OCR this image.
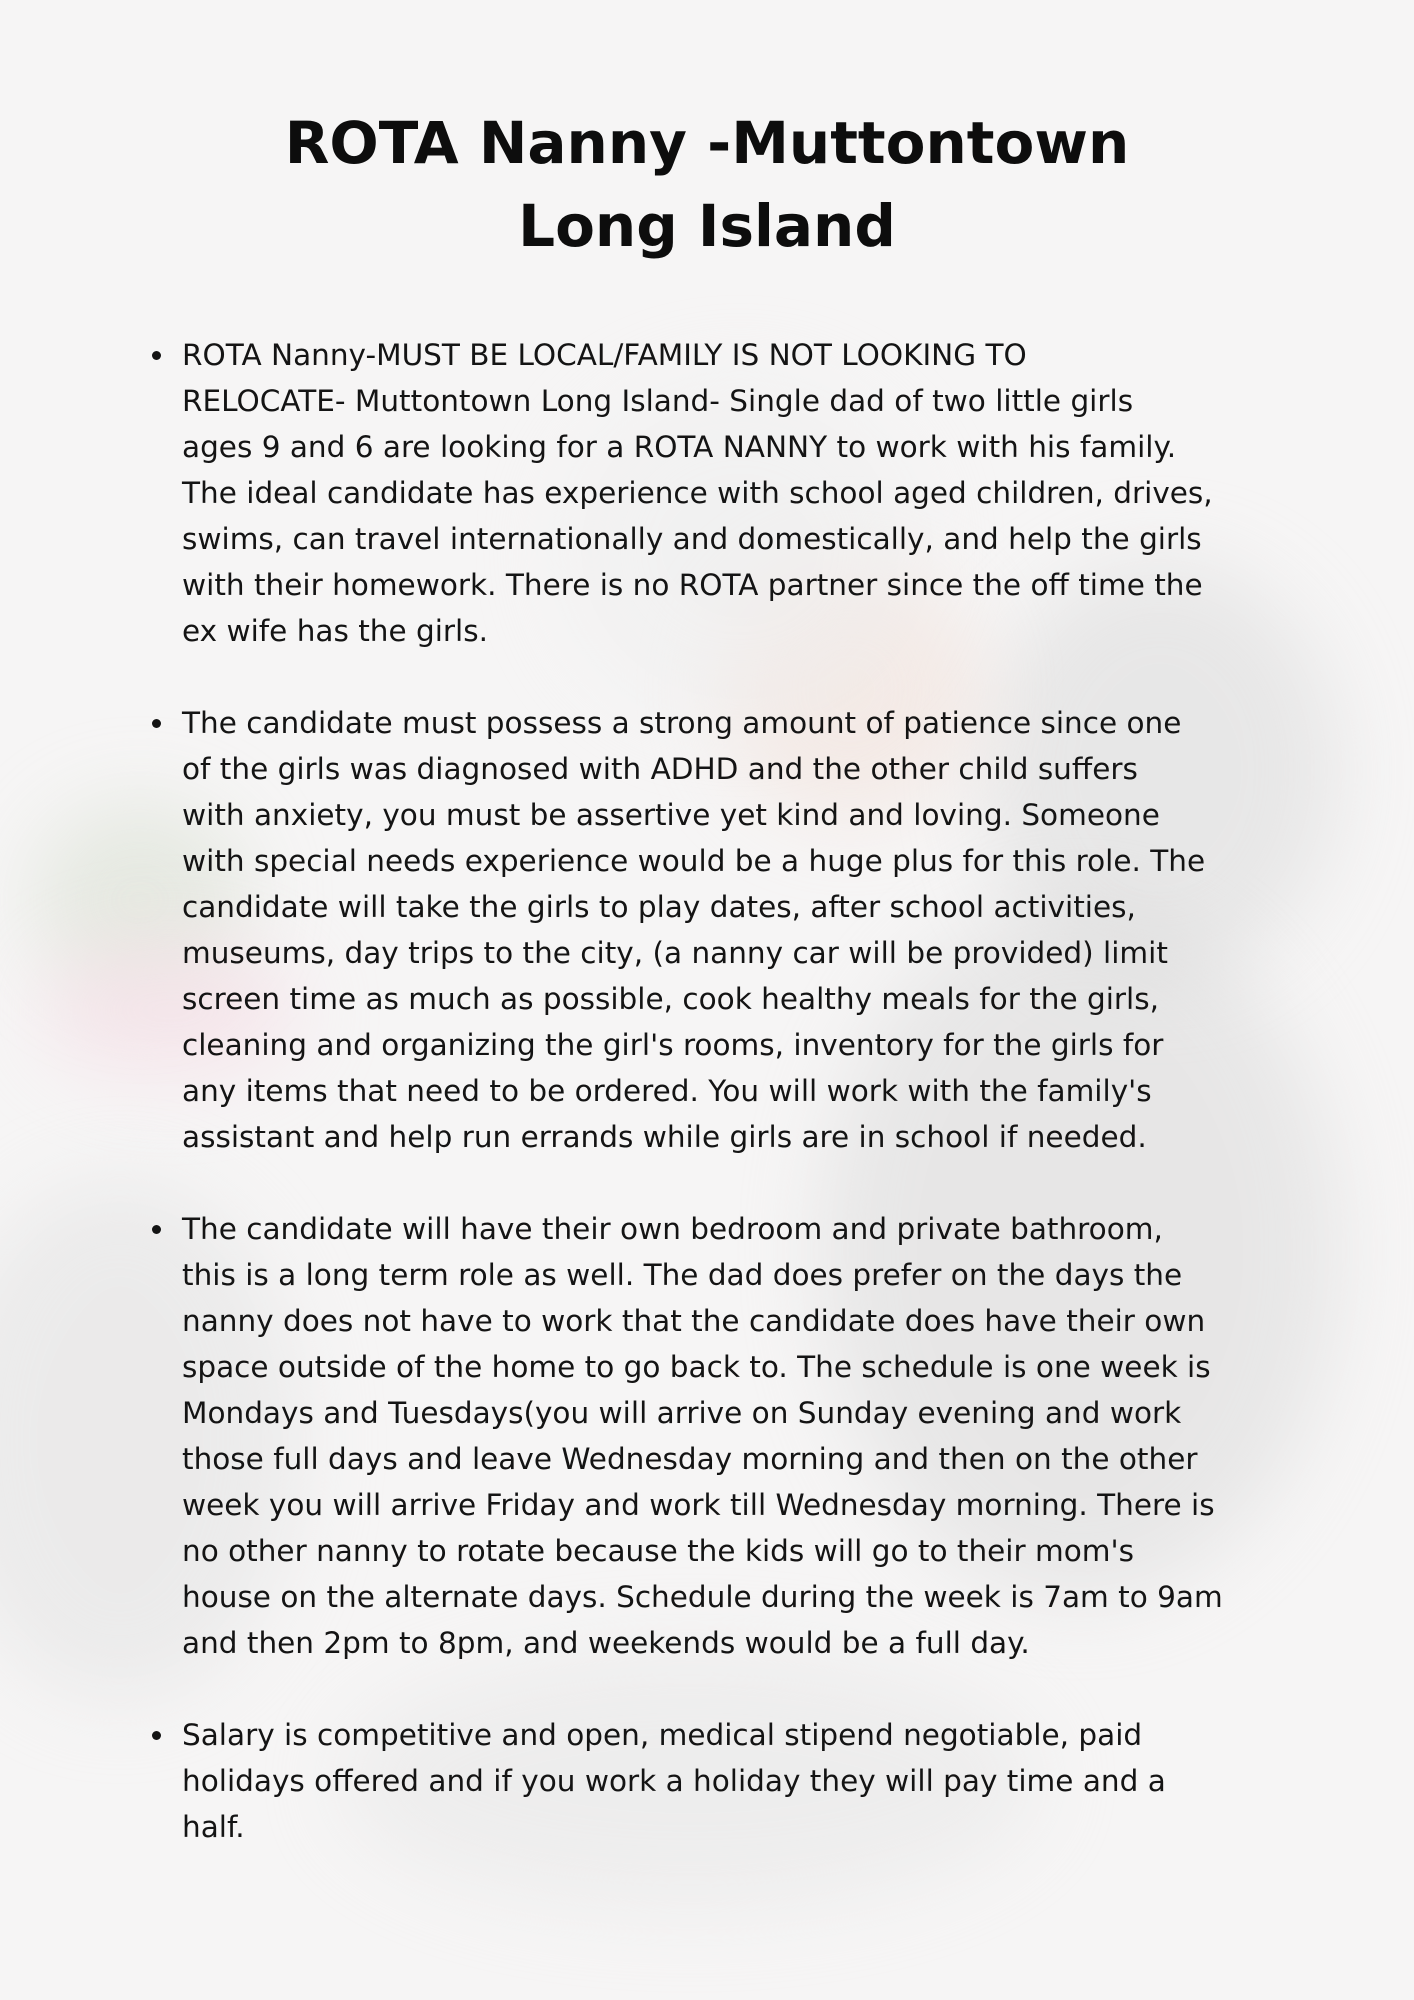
ROTA Nanny -Muttontown
Long Island
ROTA Nanny-MUST BE LOCAL/FAMILY IS NOT LOOKING TO
RELOCATE- Muttontown Long Island- Single dad of two little girls
ages 9 and 6 are looking for a ROTA NANNY to work with his family.
The ideal candidate has experience with school aged children, drives,
swims, can travel internationally and domestically, and help the girls
with their homework. There is no ROTA partner since the off time the
ex wife has the girls.
The candidate must possess a strong amount of patience since one
of the girls was diagnosed with ADHD and the other child suffers
with anxiety, you must be assertive yet kind and loving. Someone
with special needs experience would be a huge plus for this role. The
candidate will take the girls to play dates, after school activities,
museums, day trips to the city, (a nanny car will be provided) limit
screen time as much as possible, cook healthy meals for the girls,
cleaning and organizing the girl's rooms, inventory for the girls for
any items that need to be ordered. You will work with the family's
assistant and help run errands while girls are in school if needed.
The candidate will have their own bedroom and private bathroom,
this is a long term role as well. The dad does prefer on the days the
nanny does not have to work that the candidate does have their own
space outside of the home to go back to. The schedule is one week is
Mondays and Tuesdays(you will arrive on Sunday evening and work
those full days and leave Wednesday morning and then on the other
week you will arrive Friday and work till Wednesday morning. There is
no other nanny to rotate because the kids will go to their mom's
house on the alternate days. Schedule during the week is 7am to 9am
and then 2pm to 8pm, and weekends would be a full day.
Salary is competitive and open, medical stipend negotiable, paid
holidays offered and if you work a holiday they will pay time and a
half.
